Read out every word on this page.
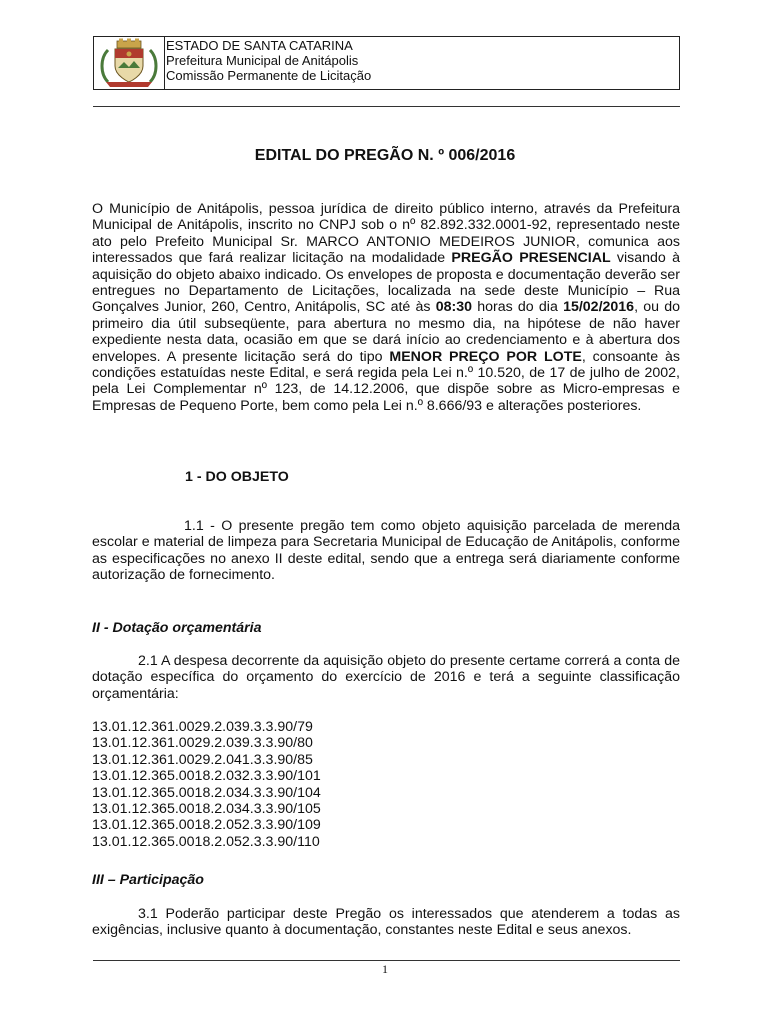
ESTADO DE SANTA CATARINA
Prefeitura Municipal de Anitápolis
Comissão Permanente de Licitação
EDITAL DO PREGÃO N. º 006/2016

O Município de Anitápolis, pessoa jurídica de direito público interno, através da Prefeitura Municipal de Anitápolis, inscrito no CNPJ sob o nº 82.892.332.0001-92, representado neste ato pelo Prefeito Municipal Sr. MARCO ANTONIO MEDEIROS JUNIOR, comunica aos interessados que fará realizar licitação na modalidade PREGÃO PRESENCIAL visando à aquisição do objeto abaixo indicado. Os envelopes de proposta e documentação deverão ser entregues no Departamento de Licitações, localizada na sede deste Município – Rua Gonçalves Junior, 260, Centro, Anitápolis, SC até às 08:30 horas do dia 15/02/2016, ou do primeiro dia útil subseqüente, para abertura no mesmo dia, na hipótese de não haver expediente nesta data, ocasião em que se dará início ao credenciamento e à abertura dos envelopes. A presente licitação será do tipo MENOR PREÇO POR LOTE, consoante às condições estatuídas neste Edital, e será regida pela Lei n.º 10.520, de 17 de julho de 2002, pela Lei Complementar nº 123, de 14.12.2006, que dispõe sobre as Micro-empresas e Empresas de Pequeno Porte, bem como pela Lei n.º 8.666/93 e alterações posteriores.

1 - DO OBJETO

1.1 - O presente pregão tem como objeto aquisição parcelada de merenda escolar e material de limpeza para Secretaria Municipal de Educação de Anitápolis, conforme as especificações no anexo II deste edital, sendo que a entrega será diariamente conforme autorização de fornecimento.

II - Dotação orçamentária

2.1 A despesa decorrente da aquisição objeto do presente certame correrá a conta de dotação específica do orçamento do exercício de 2016 e terá a seguinte classificação orçamentária:

13.01.12.361.0029.2.039.3.3.90/79
13.01.12.361.0029.2.039.3.3.90/80
13.01.12.361.0029.2.041.3.3.90/85
13.01.12.365.0018.2.032.3.3.90/101
13.01.12.365.0018.2.034.3.3.90/104
13.01.12.365.0018.2.034.3.3.90/105
13.01.12.365.0018.2.052.3.3.90/109
13.01.12.365.0018.2.052.3.3.90/110

III – Participação

3.1 Poderão participar deste Pregão os interessados que atenderem a todas as exigências, inclusive quanto à documentação, constantes neste Edital e seus anexos.

1
